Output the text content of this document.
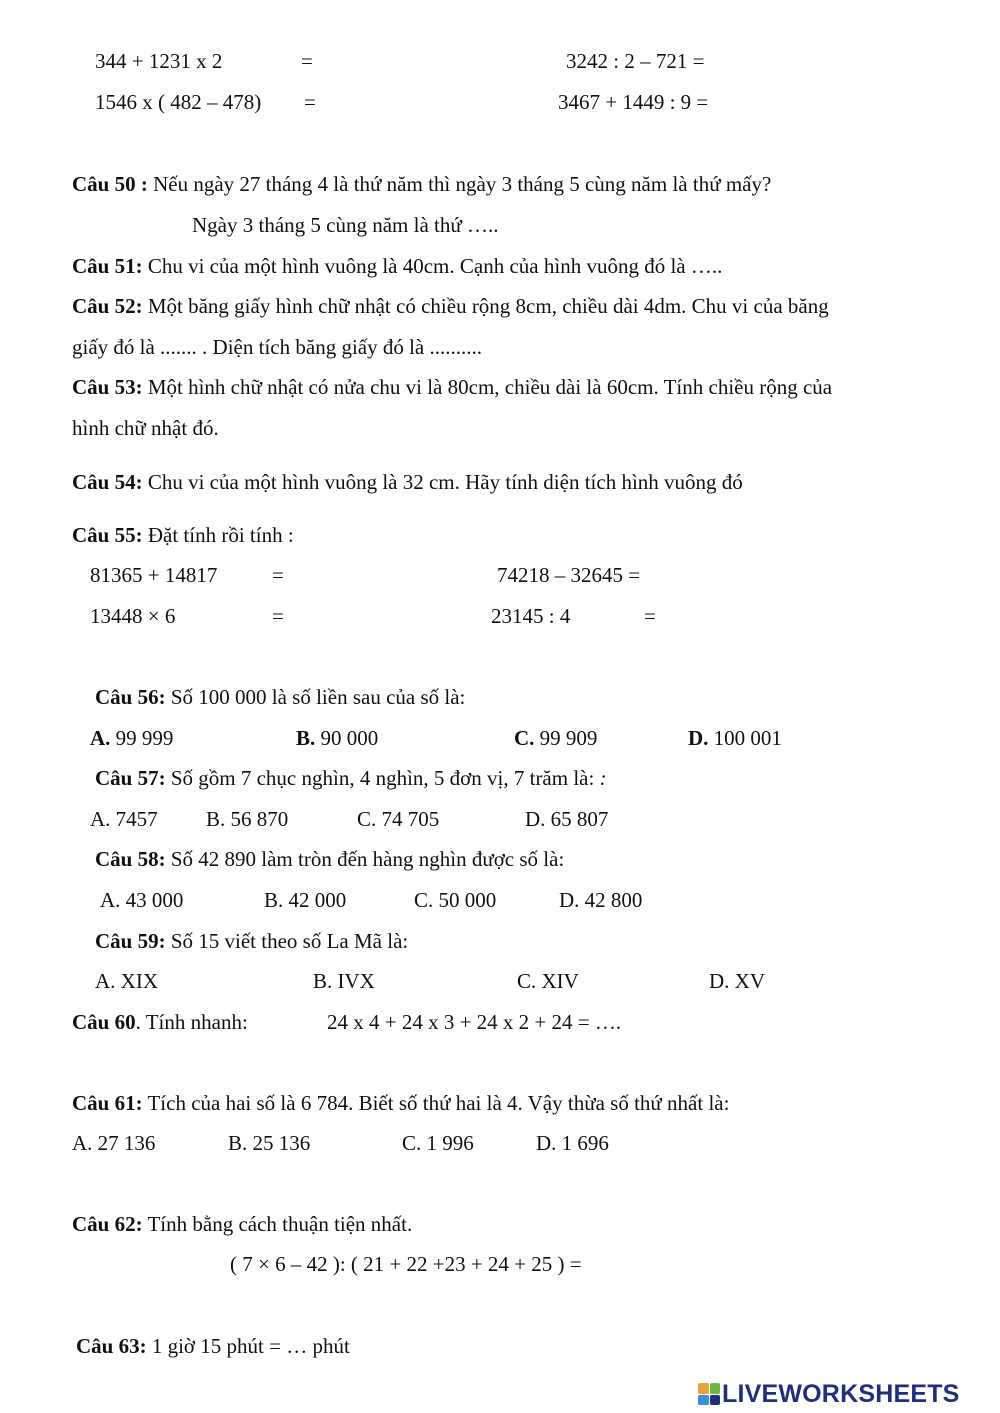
344 + 1231 x 2	=	3242 : 2 – 721 =
1546 x ( 482 – 478) =	3467 + 1449 : 9 =
Câu 50 : Nếu ngày 27 tháng 4 là thứ năm thì ngày 3 tháng 5 cùng năm là thứ mấy?
Ngày 3 tháng 5 cùng năm là thứ …..
Câu 51: Chu vi của một hình vuông là 40cm. Cạnh của hình vuông đó là …..
Câu 52: Một băng giấy hình chữ nhật có chiều rộng 8cm, chiều dài 4dm. Chu vi của băng
giấy đó là ....... . Diện tích băng giấy đó là ..........
Câu 53: Một hình chữ nhật có nửa chu vi là 80cm, chiều dài là 60cm. Tính chiều rộng của
hình chữ nhật đó.
Câu 54: Chu vi của một hình vuông là 32 cm. Hãy tính diện tích hình vuông đó
Câu 55: Đặt tính rồi tính :
81365 + 14817	=	74218 – 32645 =
13448 × 6	=	23145 : 4	=
Câu 56: Số 100 000 là số liền sau của số là:
A. 99 999	B. 90 000	C. 99 909	D. 100 001
Câu 57: Số gồm 7 chục nghìn, 4 nghìn, 5 đơn vị, 7 trăm là: :
A. 7457 B. 56 870	C. 74 705	D. 65 807
Câu 58: Số 42 890 làm tròn đến hàng nghìn được số là:
A. 43 000	B. 42 000	C. 50 000	D. 42 800
Câu 59: Số 15 viết theo số La Mã là:
A. XIX	B. IVX	C. XIV	D. XV
Câu 60. Tính nhanh:	24 x 4 + 24 x 3 + 24 x 2 + 24 = ….
Câu 61: Tích của hai số là 6 784. Biết số thứ hai là 4. Vậy thừa số thứ nhất là:
A. 27 136	B. 25 136	C. 1 996	D. 1 696
Câu 62: Tính bằng cách thuận tiện nhất.
( 7 × 6 – 42 ): ( 21 + 22 +23 + 24 + 25 ) =
Câu 63: 1 giờ 15 phút = … phút
LIVEWORKSHEETS
